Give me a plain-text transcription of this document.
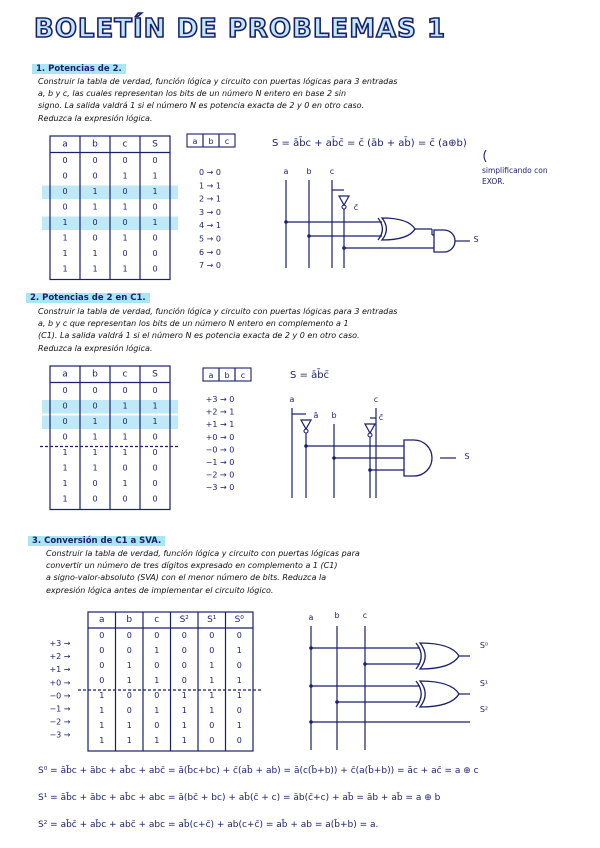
BOLETÍN DE PROBLEMAS 1
1. Potencias de 2.
Construir la tabla de verdad, función lógica y circuito con puertas lógicas para 3 entradas
a, b y c, las cuales representan los bits de un número N entero en base 2 sin
signo. La salida valdrá 1 si el número N es potencia exacta de 2 y 0 en otro caso.
Reduzca la expresión lógica.
S = āb̄c + ab̄c̄ = c̄ (āb + ab̄) = c̄ (a⊕b)
simplificando con
EXOR.
2. Potencias de 2 en C1.
Construir la tabla de verdad, función lógica y circuito con puertas lógicas para 3 entradas
a, b y c que representan los bits de un número N entero en complemento a 1
(C1). La salida valdrá 1 si el número N es potencia exacta de 2 y 0 en otro caso.
Reduzca la expresión lógica.
S = āb̄c̄
3. Conversión de C1 a SVA.
Construir la tabla de verdad, función lógica y circuito con puertas lógicas para
convertir un número de tres dígitos expresado en complemento a 1 (C1)
a signo-valor-absoluto (SVA) con el menor número de bits. Reduzca la
expresión lógica antes de implementar el circuito lógico.
S⁰ = āb̄c + ābc + ab̄c + abc̄ = ā(b̄c+bc) + c̄(ab̄ + ab) = ā(c(b̄+b)) + c̄(a(b̄+b)) = āc + ac̄ = a ⊕ c
S¹ = āb̄c + ābc + ab̄c + abc = ā(bc̄ + bc) + ab̄(c̄ + c) = āb(c̄+c) + ab̄ = āb + ab̄ = a ⊕ b
S² = ab̄c̄ + ab̄c + abc̄ + abc = ab̄(c+c̄) + ab(c+c̄) = ab̄ + ab = a(b̄+b) = a.
a	b	c	S
0	0	0	0
0	0	1	1
0	1	0	1
0	1	1	0
1	0	0	1
1	0	1	0
1	1	0	0
1	1	1	0
a b c
0 → 0
1 → 1
2 → 1
3 → 0
4 → 1
5 → 0
6 → 0
7 → 0
a b c
c̄
S
a	b	c	S
0	0	0	0
0	0	1	1
0	1	0	1
0	1	1	0
1	1	1	0
1	1	0	0
1	0	1	0
1	0	0	0
a b c
+3 → 0
+2 → 1
+1 → 1
+0 → 0
−0 → 0
−1 → 0
−2 → 0
−3 → 0
a
b
c
ā	c̄
S
a b c S² S¹ S⁰
0	0	0	0	0	0
0	0	1	0	0	1
0	1	0	0	1	0
0	1	1	0	1	1
1	0	0	1	1	1
1	0	1	1	1	0
1	1	0	1	0	1
1	1	1	1	0	0
+3 →
+2 →
+1 →
+0 →
−0 →
−1 →
−2 →
−3 →
a	b	c
S⁰
S¹
S²
